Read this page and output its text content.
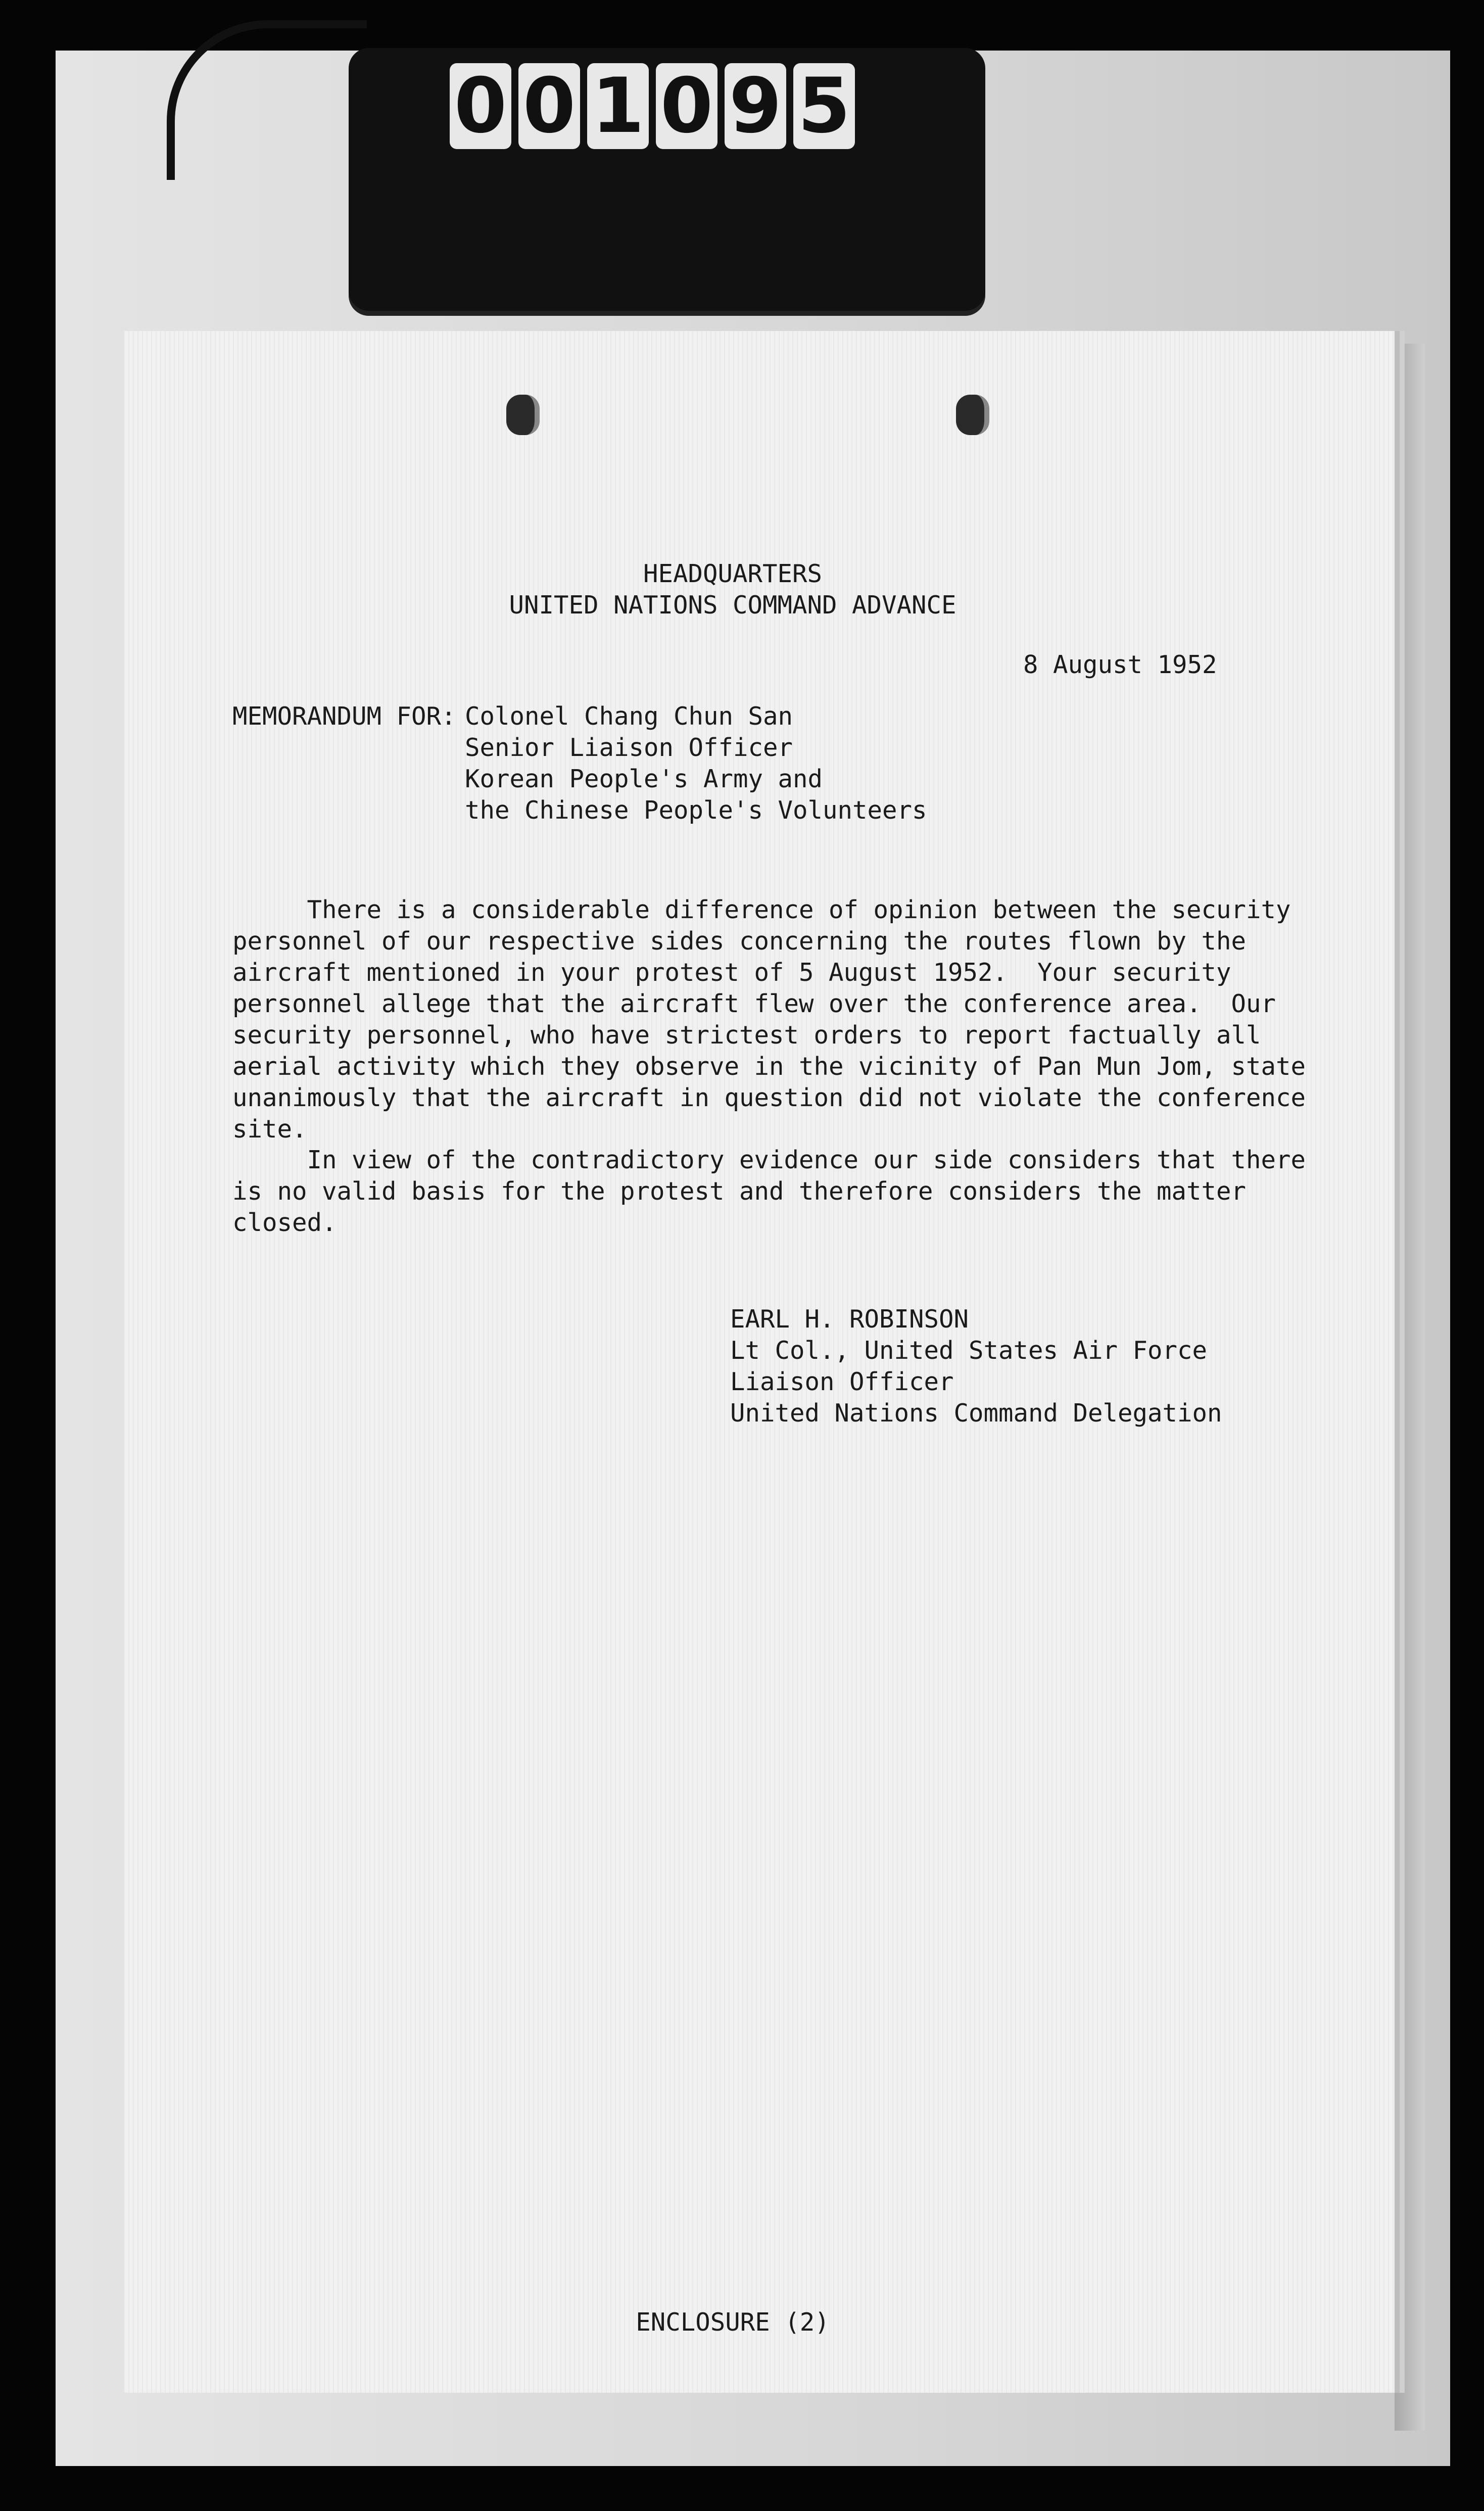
0 0 1 0 9 5
HEADQUARTERS
UNITED NATIONS COMMAND ADVANCE
8 August 1952
MEMORANDUM FOR: Colonel Chang Chun San
Senior Liaison Officer
Korean People's Army and
the Chinese People's Volunteers
There is a considerable difference of opinion between the security
personnel of our respective sides concerning the routes flown by the
aircraft mentioned in your protest of 5 August 1952.  Your security
personnel allege that the aircraft flew over the conference area.  Our
security personnel, who have strictest orders to report factually all
aerial activity which they observe in the vicinity of Pan Mun Jom, state
unanimously that the aircraft in question did not violate the conference
site.
In view of the contradictory evidence our side considers that there
is no valid basis for the protest and therefore considers the matter
closed.
EARL H. ROBINSON
Lt Col., United States Air Force
Liaison Officer
United Nations Command Delegation
ENCLOSURE (2)
